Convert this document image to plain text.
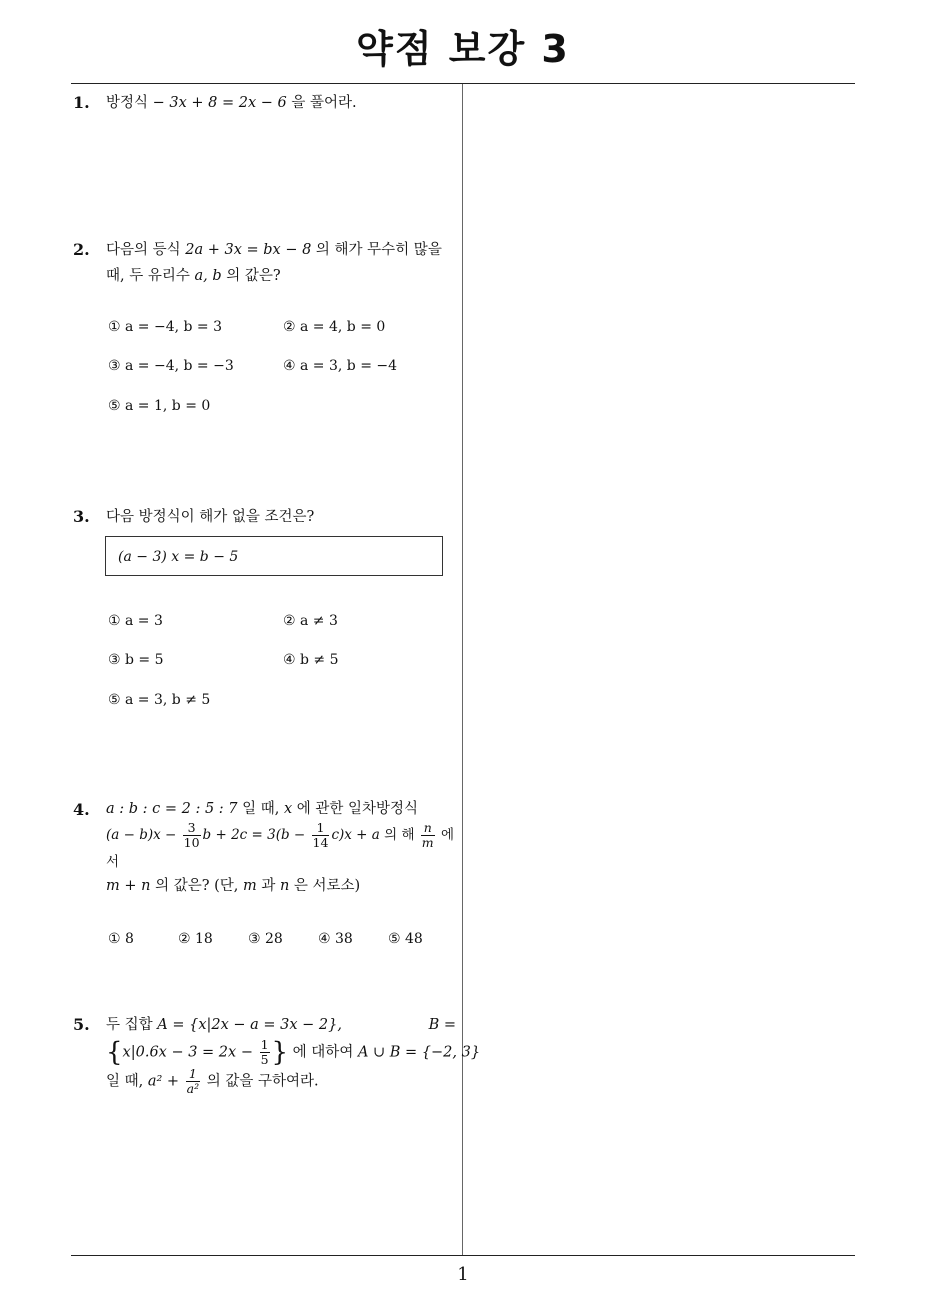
약점 보강 3
1. 방정식 − 3x + 8 = 2x − 6 을 풀어라.
2. 다음의 등식 2a + 3x = bx − 8 의 해가 무수히 많을
때, 두 유리수 a, b 의 값은?
① a = −4, b = 3	② a = 4, b = 0
③ a = −4, b = −3	④ a = 3, b = −4
⑤ a = 1, b = 0
3. 다음 방정식이 해가 없을 조건은?
(a − 3) x = b − 5
① a = 3	② a ≠ 3
③ b = 5	④ b ≠ 5
⑤ a = 3, b ≠ 5
4. a : b : c = 2 : 5 : 7 일 때, x 에 관한 일차방정식
$(a - b)x - \frac{3}{10}$ $b + 2c = 3(b - \frac{1}{14} c)x + a$ 의 해 $\frac{n}{m}$ 에서
m + n 의 값은? (단, m 과 n 은 서로소)
① 8	② 18	③ 28	④ 38	⑤ 48
5. 두 집합 A = {x|2x − a = 3x − 2},	B =
{$x|0.6x - 3 = 2x - \frac{1}{5}$ } 에 대하여 A ∪ B = {−2, 3}
일 때, $a^2 + \frac{1}{\text{a²}}$ 의 값을 구하여라.
1
